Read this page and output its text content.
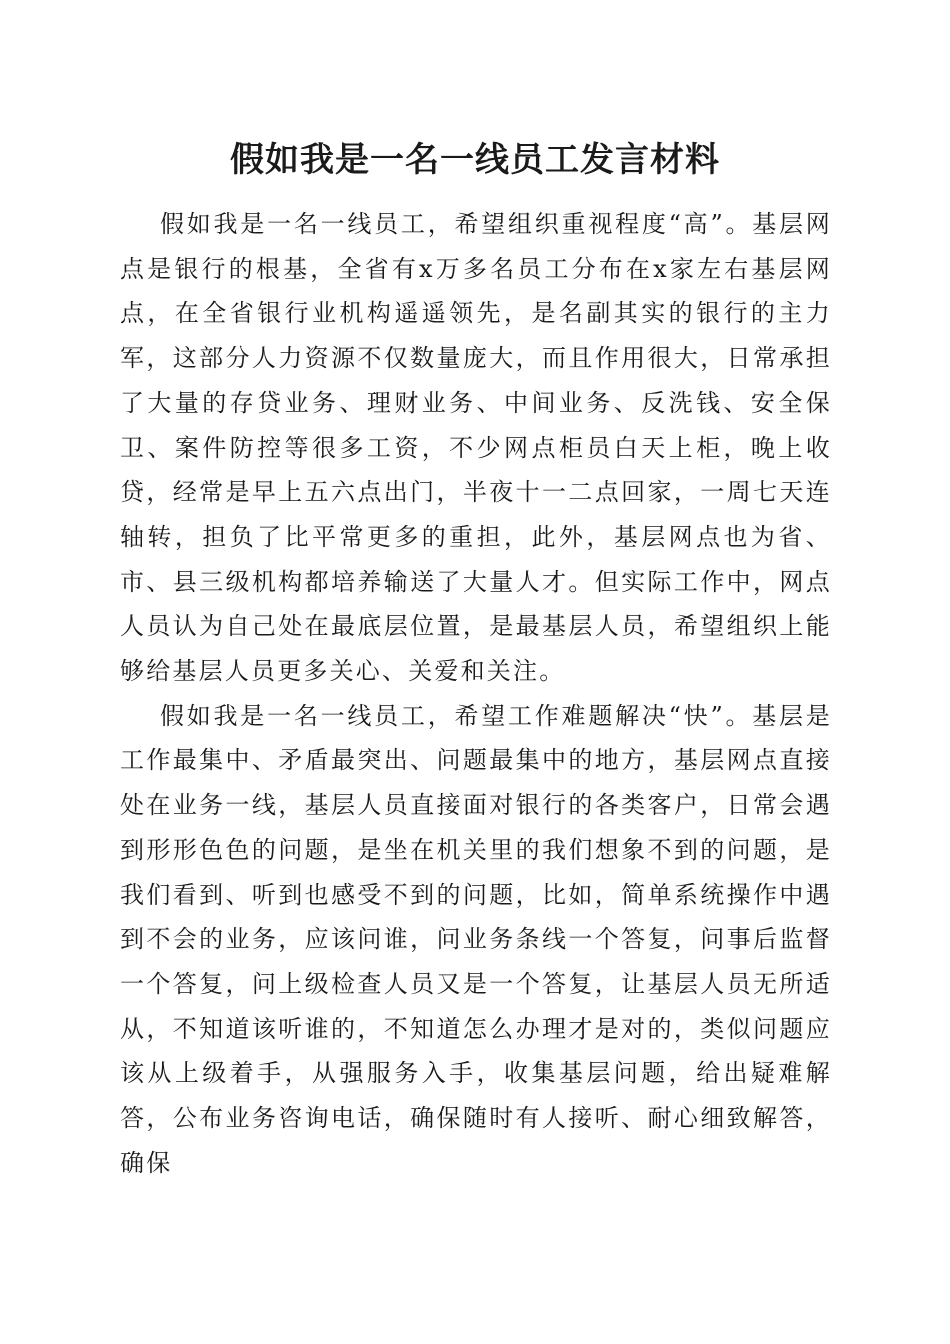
假如我是一名一线员工发言材料

假如我是一名一线员工，希望组织重视程度“高”。基层网点是银行的根基，全省有x万多名员工分布在x家左右基层网点，在全省银行业机构遥遥领先，是名副其实的银行的主力军，这部分人力资源不仅数量庞大，而且作用很大，日常承担了大量的存贷业务、理财业务、中间业务、反洗钱、安全保卫、案件防控等很多工资，不少网点柜员白天上柜，晚上收贷，经常是早上五六点出门，半夜十一二点回家，一周七天连轴转，担负了比平常更多的重担，此外，基层网点也为省、市、县三级机构都培养输送了大量人才。但实际工作中，网点人员认为自己处在最底层位置，是最基层人员，希望组织上能够给基层人员更多关心、关爱和关注。

假如我是一名一线员工，希望工作难题解决“快”。基层是工作最集中、矛盾最突出、问题最集中的地方，基层网点直接处在业务一线，基层人员直接面对银行的各类客户，日常会遇到形形色色的问题，是坐在机关里的我们想象不到的问题，是我们看到、听到也感受不到的问题，比如，简单系统操作中遇到不会的业务，应该问谁，问业务条线一个答复，问事后监督一个答复，问上级检查人员又是一个答复，让基层人员无所适从，不知道该听谁的，不知道怎么办理才是对的，类似问题应该从上级着手，从强服务入手，收集基层问题，给出疑难解答，公布业务咨询电话，确保随时有人接听、耐心细致解答，确保
